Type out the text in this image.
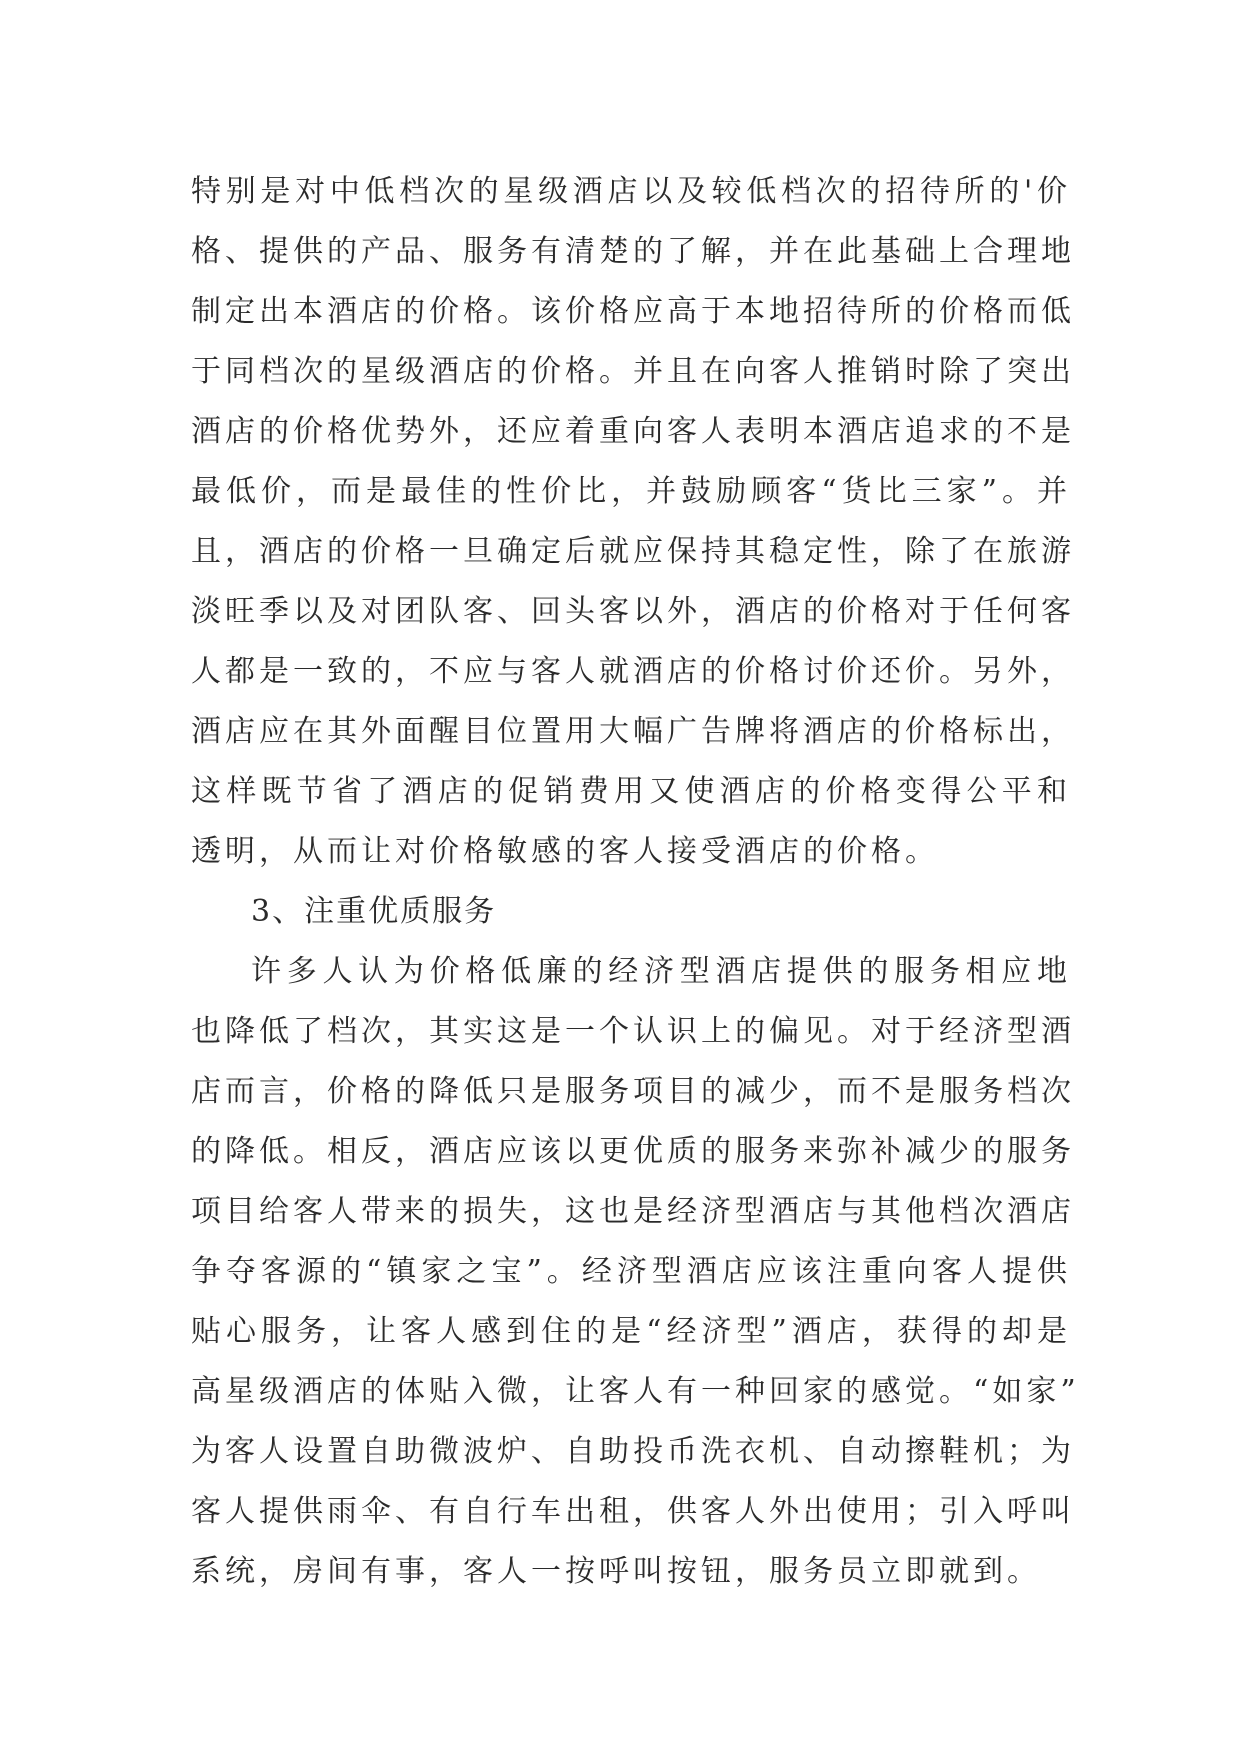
特别是对中低档次的星级酒店以及较低档次的招待所的'价
格、提供的产品、服务有清楚的了解，并在此基础上合理地
制定出本酒店的价格。该价格应高于本地招待所的价格而低
于同档次的星级酒店的价格。并且在向客人推销时除了突出
酒店的价格优势外，还应着重向客人表明本酒店追求的不是
最低价，而是最佳的性价比，并鼓励顾客“货比三家”。并
且，酒店的价格一旦确定后就应保持其稳定性，除了在旅游
淡旺季以及对团队客、回头客以外，酒店的价格对于任何客
人都是一致的，不应与客人就酒店的价格讨价还价。另外，
酒店应在其外面醒目位置用大幅广告牌将酒店的价格标出，
这样既节省了酒店的促销费用又使酒店的价格变得公平和
透明，从而让对价格敏感的客人接受酒店的价格。
3、注重优质服务
许多人认为价格低廉的经济型酒店提供的服务相应地
也降低了档次，其实这是一个认识上的偏见。对于经济型酒
店而言，价格的降低只是服务项目的减少，而不是服务档次
的降低。相反，酒店应该以更优质的服务来弥补减少的服务
项目给客人带来的损失，这也是经济型酒店与其他档次酒店
争夺客源的“镇家之宝”。经济型酒店应该注重向客人提供
贴心服务，让客人感到住的是“经济型”酒店，获得的却是
高星级酒店的体贴入微，让客人有一种回家的感觉。“如家”
为客人设置自助微波炉、自助投币洗衣机、自动擦鞋机；为
客人提供雨伞、有自行车出租，供客人外出使用；引入呼叫
系统，房间有事，客人一按呼叫按钮，服务员立即就到。
